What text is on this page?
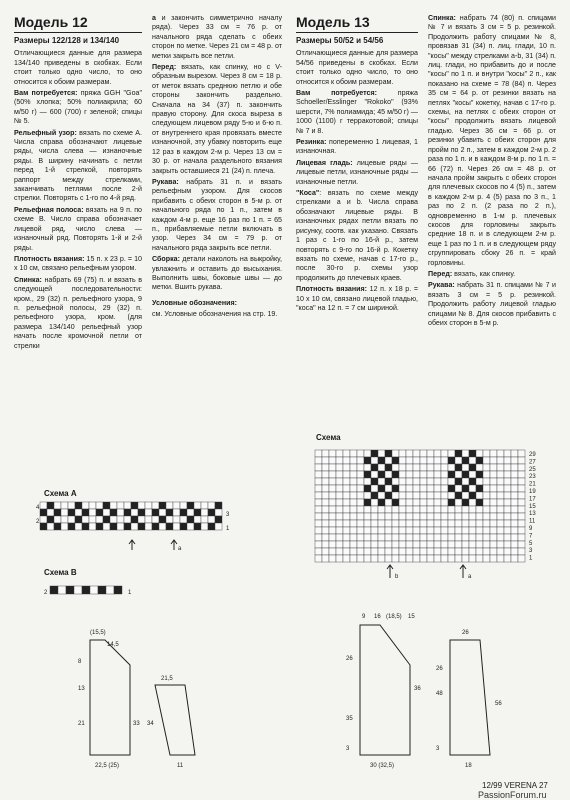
Модель 12
Размеры 122/128 и 134/140

Отличающиеся данные для размера 134/140 приведены в скобках. Если стоит только одно число, то оно относится к обоим размерам.

Вам потребуется: пряжа GGH "Goa" (50% хлопка; 50% полиакрила; 60 м/50 г) — 600 (700) г зеленой; спицы № 5.

Рельефный узор: вязать по схеме А. Числа справа обозначают лицевые ряды, числа слева — изнаночные ряды. В ширину начинать с петли перед 1-й стрелкой, повторять раппорт между стрелками, заканчивать петлями после 2-й стрелки. Повторять с 1-го по 4-й ряд.

Рельефная полоса: вязать на 9 п. по схеме В. Число справа обозначает лицевой ряд, число слева — изнаночный ряд. Повторять 1-й и 2-й ряды.

Плотность вязания: 15 п. x 23 р. = 10 x 10 см, связано рельефным узором.

Спинка: набрать 69 (75) п. и вязать в следующей последовательности: кром., 29 (32) п. рельефного узора, 9 п. рельефной полосы, 29 (32) п. рельефного узора, кром. (для размера 134/140 рельефный узор начать после кромочной петли от стрелки

а и закончить симметрично началу ряда). Через 33 см = 76 р. от начального ряда сделать с обеих сторон по метке. Через 21 см = 48 р. от метки закрыть все петли.

Перед: вязать, как спинку, но с V-образным вырезом. Через 8 см = 18 р. от меток вязать среднюю петлю и обе стороны закончить раздельно. Сначала на 34 (37) п. закончить правую сторону. Для скоса выреза в следующем лицевом ряду 5-ю и 6-ю п. от внутреннего края провязать вместе изнаночной, эту убавку повторить еще 12 раз в каждом 2-м р. Через 13 см = 30 р. от начала раздельного вязания закрыть оставшиеся 21 (24) п. плеча.

Рукава: набрать 31 п. и вязать рельефным узором. Для скосов прибавить с обеих сторон в 5-м р. от начального ряда по 1 п., затем в каждом 4-м р. еще 16 раз по 1 п. = 65 п., прибавляемые петли включать в узор. Через 34 см = 79 р. от начального ряда закрыть все петли.

Сборка: детали наколоть на выкройку, увлажнить и оставить до высыхания. Выполнить швы, боковые швы — до метки. Вшить рукава.

Условные обозначения:

см. Условные обозначения на стр. 19.

Модель 13
Размеры 50/52 и 54/56

Отличающиеся данные для размера 54/56 приведены в скобках. Если стоит только одно число, то оно относится к обоим размерам.

Вам потребуется: пряжа Schoeller/Esslinger "Rokoko" (93% шерсти, 7% полиамида; 45 м/50 г) — 1000 (1100) г терракотовой; спицы № 7 и 8.

Резинка: попеременно 1 лицевая, 1 изнаночная.

Лицевая гладь: лицевые ряды — лицевые петли, изнаночные ряды — изнаночные петли.

"Коса": вязать по схеме между стрелками а и b. Числа справа обозначают лицевые ряды. В изнаночных рядах петли вязать по рисунку, соотв. как указано. Связать 1 раз с 1-го по 16-й р., затем повторять с 9-го по 16-й р. Кокетку вязать по схеме, начав с 17-го р., после 30-го р. схемы узор продолжить до плечевых краев.

Плотность вязания: 12 п. x 18 р. = 10 x 10 см, связано лицевой гладью, "коса" на 12 п. = 7 см шириной.

Спинка: набрать 74 (80) п. спицами № 7 и вязать 3 см = 5 р. резинкой. Продолжить работу спицами № 8, провязав 31 (34) п. лиц. глади, 10 п. "косы" между стрелками а-b, 31 (34) п. лиц. глади, но прибавить до и после "косы" по 1 п. и внутри "косы" 2 п., как показано на схеме = 78 (84) п. Через 35 см = 64 р. от резинки вязать на петлях "косы" кокетку, начав с 17-го р. схемы, на петлях с обеих сторон от "косы" продолжить вязать лицевой гладью. Через 36 см = 66 р. от резинки убавить с обеих сторон для пройм по 2 п., затем в каждом 2-м р. 2 раза по 1 п. и в каждом 8-м р. по 1 п. = 66 (72) п. Через 26 см = 48 р. от начала пройм закрыть с обеих сторон для плечевых скосов по 4 (5) п., затем в каждом 2-м р. 4 (5) раза по 3 п., 1 раз по 2 п. (2 раза по 2 п.), одновременно в 1-м р. плечевых скосов для горловины закрыть средние 18 п. и в следующем 2-м р. еще 1 раз по 1 п. и в следующем ряду сгруппировать сбоку 26 п. = край горловины.

Перед: вязать, как спинку.

Рукава: набрать 31 п. спицами № 7 и вязать 3 см = 5 р. резинкой. Продолжить работу лицевой гладью спицами № 8. Для скосов прибавить с обеих сторон в 5-м р.

Схема А
4
2
3
1
a
Схема В
2	1
Схема
29
27
25
23
21
19
17
15
13
11
9
7
5
3
1
b	a
(15,5)
14,5
8
13
33
21
22,5 (25)
34
11
21,5
9 16 (18,5) 15
26
36
35
3
30 (32,5)
48
56
26
3
26
18
12/99 VERENA 27
PassionForum.ru
